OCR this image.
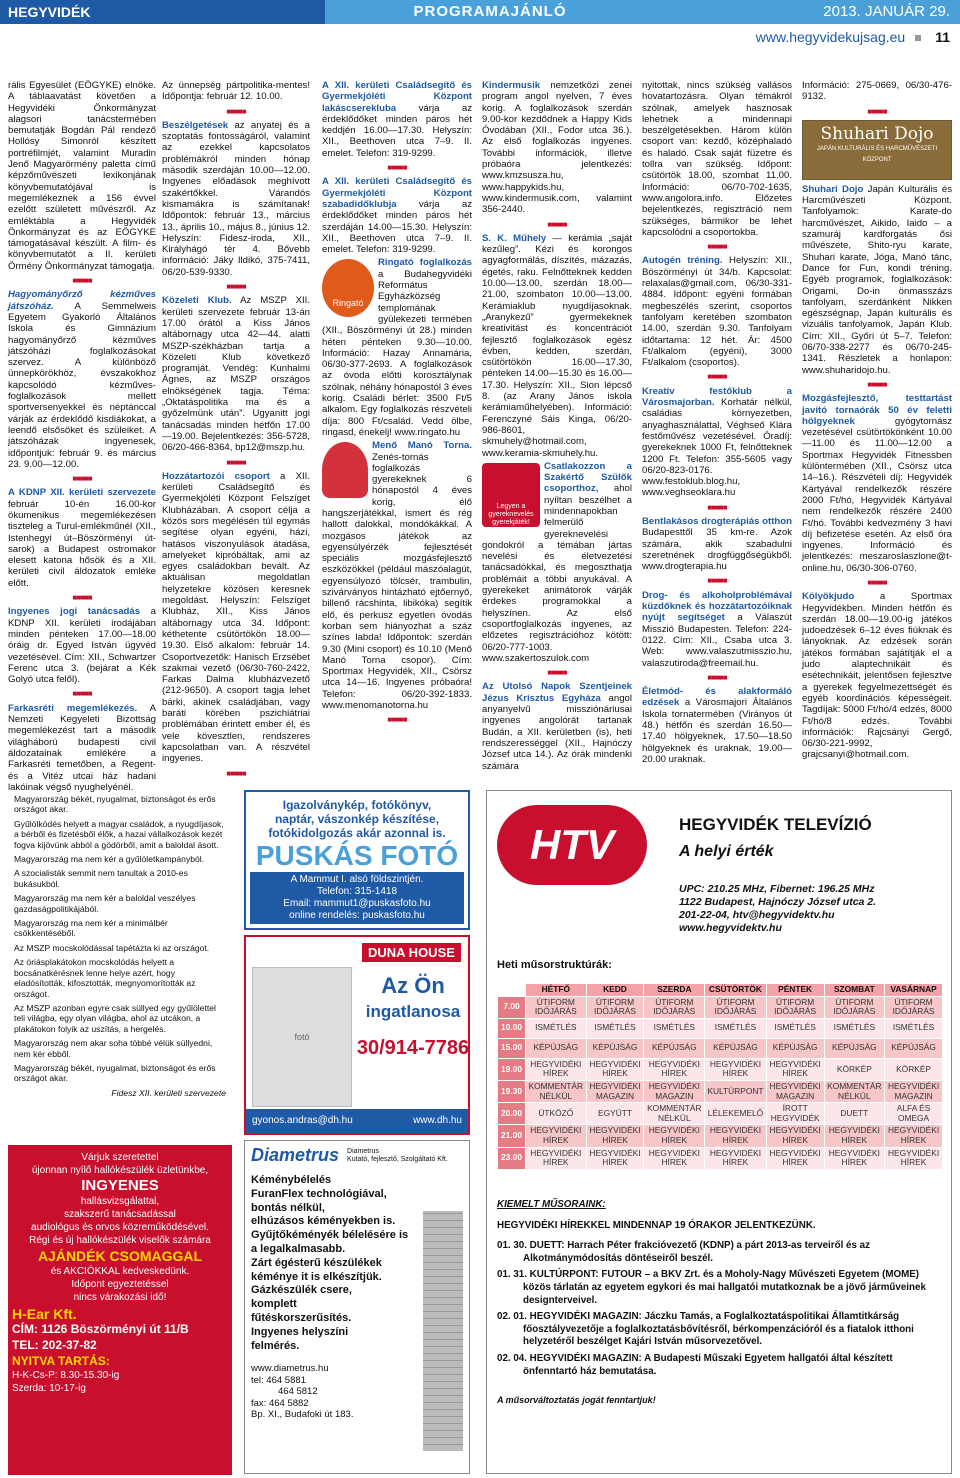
HEGYVIDÉK	PROGRAMAJÁNLÓ	2013. JANUÁR 29.
www.hegyvidekujsag.eu 11

rális Egyesület (EÖGYKE) elnöke. A táblaavatást követően a Hegyvidéki Önkormányzat alagsori tanácstermében bemutatják Bogdán Pál rendező Hollósy Simonról készített portréfilmjét, valamint Muradin Jenő Magyarörmény paletta című képzőművészeti lexikonjának könyvbemutatójával is megemlékeznek a 156 évvel ezelőtt született művészről. Az emléktábla a Hegyvidék Önkormányzat és az EÖGYKE támogatásával készült. A film- és könyvbemutatót a II. kerületi Örmény Önkormányzat támogatja.

■■■■■

Hagyományőrző kézműves játszóház. A Semmelweis Egyetem Gyakorló Általános Iskola és Gimnázium hagyományőrző kézműves játszóházi foglalkozásokat szervez. A különböző ünnepkörökhöz, évszakokhoz kapcsolódó kézműves-foglalkozások mellett sportversenyekkel és néptánccal várják az érdeklődő kisdiákokat, a leendő elsősöket és szüleiket. A játszóházak ingyenesek, időpontjuk: február 9. és március 23. 9.00—12.00.

■■■■■

A KDNP XII. kerületi szervezete február 10-én 16.00-kor ökumenikus megemlékezésen tiszteleg a Turul-emlékműnél (XII., Istenhegyi út–Böszörményi út-sarok) a Budapest ostromakor elesett katona hősök és a XII. kerületi civil áldozatok emléke előtt.

■■■■■

Ingyenes jogi tanácsadás a KDNP XII. kerületi irodájában minden pénteken 17.00—18.00 óráig dr. Egyed István ügyvéd vezetésével. Cím: XII., Schwartzer Ferenc utca 3. (bejárat a Kék Golyó utca felől).

■■■■■

Farkasréti megemlékezés. A Nemzeti Kegyeleti Bizottság megemlékezést tart a második világháború budapesti civil áldozatainak emlékére a Farkasréti temetőben, a Regent- és a Vitéz utcai ház hadani lakóinak végső nyughelyénél.

Az ünnepség pártpolitika-mentes! Időpontja: február 12. 10.00.

■■■■■

Beszélgetések az anyatej és a szoptatás fontosságáról, valamint az ezekkel kapcsolatos problémákról minden hónap második szerdáján 10.00—12.00. Ingyenes előadások meghívott szakértőkkel. Várandós kismamákra is számítanak! Időpontok: február 13., március 13., április 10., május 8., június 12. Helyszín: Fidesz-iroda, XII., Királyhágó tér 4. Bővebb információ: Jáky Ildikó, 375-7411, 06/20-539-9330.

■■■■■

Közeleti Klub. Az MSZP XII. kerületi szervezete február 13-án 17.00 órától a Kiss János altábornagy utca 42—44. alatti MSZP-székházban tartja a Közeleti Klub következő programját. Vendég: Kunhalmi Ágnes, az MSZP országos elnökségének tagja. Téma: „Oktatáspolitika ma és a győzelmünk után”. Ugyanitt jogi tanácsadás minden hétfőn 17.00—19.00. Bejelentkezés: 356-5728, 06/20-466-8364, bp12@mszp.hu.

■■■■■

Hozzátartozói csoport a XII. kerületi Családsegítő és Gyermekjóléti Központ Felszíget Klubházában. A csoport célja a közös sors megélésén túl egymás segítése olyan egyéni, házi, hatásos viszonyulások átadása, amelyeket kipróbáltak, ami az egyes családokban bevált. Az aktuálisan megoldatlan helyzetekre közösen keresnek megoldást. Helyszín: Felszíget Klubház, XII., Kiss János altábornagy utca 34. Időpont: kéthetente csütörtökön 18.00—19.30. Első alkalom: február 14. Csoportvezetők: Hanisch Erzsébet szakmai vezető (06/30-760-2422, Farkas Dalma klubházvezető (212-9650). A csoport tagja lehet bárki, akinek családjában, vagy baráti körében pszichiátriai problémában érintett ember él, és vele kövesztlen, rendszeres kapcsolatban van. A részvétel ingyenes.

■■■■■

A XII. kerületi Családsegítő és Gyermekjóléti Központ lakáscserekluba várja az érdeklődőket minden páros hét keddjén 16.00—17.30. Helyszín: XII., Beethoven utca 7–9. II. emelet. Telefon: 319-9299.

■■■■■

A XII. kerületi Családsegítő és Gyermekjóléti Központ szabadidőklubja várja az érdeklődőket minden páros hét szerdáján 14.00—15.30. Helyszín: XII., Beethoven utca 7–9. II. emelet. Telefon: 319-9299.

Ringató

Ringató foglalkozás a Budahegyvidéki Református Egyházközség templomának gyülekezeti termében (XII., Böszörményi út 28.) minden héten pénteken 9.30—10.00. Információ: Hazay Annamária, 06/30-377-2693. A foglalkozások az óvoda előtti korosztálynak szólnak, néhány hónapostól 3 éves korig. Családi bérlet: 3500 Ft/5 alkalom. Egy foglalkozás részvételi díja: 800 Ft/család. Vedd ölbe, ringasd, énekelj! www.ringato.hu

Menő Manó Torna. Zenés-tornás foglalkozás gyerekeknek 6 hónapostól 4 éves korig, élő hangszerjátékkal, ismert és rég hallott dalokkal, mondókákkal. A mozgásos játékok az egyensúlyérzék fejlesztését speciális mozgásfejlesztő eszközökkel (például mászóalagút, egyensúlyozó tölcsér, trambulin, szivárványos hintázható ejtőernyő, billenő rácshinta, libikóka) segítik elő, és perkusz egyetlen óvodás korban sem hiányozhat a száz színes labda! Időpontok: szerdán 9.30 (Mini csoport) és 10.10 (Menő Manó Torna csopor). Cím: Sportmax Hegyvidék, XII., Csörsz utca 14—16. Ingyenes próbaóra! Telefon: 06/20-392-1833. www.menomanotorna.hu

■■■■■

Kindermusik nemzetközi zenei program angol nyelven, 7 éves korig. A foglalkozások szerdán 9.00-kor kezdődnek a Happy Kids Óvodában (XII., Fodor utca 36.). Az első foglalkozás ingyenes. További információk, illetve próbaóra jelentkezés: www.kmzsusza.hu, www.happykids.hu, www.kindermusik.com, valamint 356-2440.

■■■■■

S. K. Műhely — kerámia „saját kezűleg”. Kézi és korongos agyagformálás, díszítés, mázazás, égetés, raku. Felnőtteknek kedden 10.00—13.00, szerdán 18.00—21.00, szombaton 10.00—13.00. Kerámiaklub nyugdíjasoknak. „Aranykezű” gyermekeknek kreativitást és koncentrációt fejlesztő foglalkozások egész évben, kedden, szerdán, csütörtökön 16.00—17.30, pénteken 14.00—15.30 és 16.00—17.30. Helyszín: XII., Sion lépcső 8. (az Arany János iskola kerámiaműhelyében). Információ: Ferenczyné Sáis Kinga, 06/20-986-8601, skmuhely@hotmail.com, www.keramia-skmuhely.hu.

Legyen a gyereknevelés gyerekjáték!

Csatlakozzon a Szakértő Szülők csoporthoz, ahol nyíltan beszélhet a mindennapokban felmerülő gyereknevelési gondokról a témában jártas nevelési és életvezetési tanácsadókkal, és megoszthatja problémáit a többi anyukával. A gyerekeket animátorok várják érdekes programokkal a helyszínen. Az első csoportfoglalkozás ingyenes, az előzetes regisztrációhoz kötött: 06/20-777-1003. www.szakertoszulok.com

■■■■■

Az Utolsó Napok Szentjeinek Jézus Krisztus Egyháza angol anyanyelvű missziónáriusai ingyenes angolórát tartanak Budán, a XII. kerületben (is), heti rendszerességgel (XII., Hajnóczy József utca 14.). Az órák mindenki számára

nyitottak, nincs szükség vallásos hovatartozásra. Olyan témákról szólnak, amelyek hasznosak lehetnek a mindennapi beszélgetésekben. Három külön csoport van: kezdő, középhaladó és haladó. Csak saját füzetre és tollra van szükség. Időpont: csütörtök 18.00, szombat 11.00. Információ: 06/70-702-1635, www.angolora.info. Előzetes bejelentkezés, regisztráció nem szükséges, bármikor be lehet kapcsolódni a csoportokba.

■■■■■

Autogén tréning. Helyszín: XII., Böszörményi út 34/b. Kapcsolat: relaxalas@gmail.com, 06/30-331-4884. Időpont: egyéni formában megbeszélés szerint, csoportos tanfolyam keretében szombaton 14.00, szerdán 9.30. Tanfolyam időtartama: 12 hét. Ár: 4500 Ft/alkalom (egyéni), 3000 Ft/alkalom (csoportos).

■■■■■

Kreatív festőklub a Városmajorban. Korhatár nélkül, családias környezetben, anyaghasználattal, Véghseő Klára festőművész vezetésével. Óradíj: gyerekeknek 1000 Ft, felnőtteknek 1200 Ft. Telefon: 355-5605 vagy 06/20-823-0176. www.festoklub.blog.hu, www.veghseoklara.hu

■■■■■

Bentlakásos drogterápiás otthon Budapesttől 35 km-re. Azok számára, akik szabadulni szeretnének drogfüggőségükből. www.drogterapia.hu

■■■■■

Drog- és alkoholproblémával küzdőknek és hozzátartozóiknak nyújt segítséget a Válaszút Misszió Budapesten. Telefon: 224-0122. Cím: XII., Csaba utca 3. Web: www.valaszutmisszio.hu, valaszutiroda@freemail.hu.

■■■■■

Életmód- és alakformáló edzések a Városmajori Általános Iskola tornatermében (Virányos út 48.) hétfőn és szerdán 16.50—17.40 hölgyeknek, 17.50—18.50 hölgyeknek és uraknak, 19.00—20.00 uraknak.

Információ: 275-0669, 06/30-476-9132.

■■■■■
Shuhari Dojo
JAPÁN KULTURÁLIS ÉS HARCMŰVÉSZETI KÖZPONT

Shuhari Dojo Japán Kulturális és Harcművészeti Központ. Tanfolyamok: Karate-do harcművészet, Aikido, Iaido – a szamuráj kardforgatás ősi művészete, Shito-ryu karate, Shuhari karate, Jóga, Manó tánc, Dance for Fun, kondi tréning. Egyéb programok, foglalkozások: Origami, Do-in önmasszázs tanfolyam, szerdánként Nikken egészségnap, Japán kulturális és vizuális tanfolyamok, Japán Klub. Cím: XII., Győri út 5–7. Telefon: 06/70-338-2277 és 06/70-245-1341. Részletek a honlapon: www.shuharidojo.hu.

■■■■■

Mozgásfejlesztő, testtartást javító tornaórák 50 év feletti hölgyeknek gyógytornász vezetésével csütörtökönként 10.00—11.00 és 11.00—12.00 a Sportmax Hegyvidék Fitnessben különtermében (XII., Csörsz utca 14–16.). Részvételi díj: Hegyvidék Kártyával rendelkezők részére 2000 Ft/hó, Hegyvidék Kártyával nem rendelkezők részére 2400 Ft/hó. További kedvezmény 3 havi díj befizetése esetén. Az első óra ingyenes. Információ és jelentkezés: meszaroslaszlone@t-online.hu, 06/30-306-0760.

■■■■■

Kölyökjudo a Sportmax Hegyvidékben. Minden hétfőn és szerdán 18.00—19.00-ig játékos judoedzések 6–12 éves fiúknak és lányoknak. Az edzések során játékos formában sajátítják el a judo alaptechnikáit és esétechnikáit, jelentősen fejlesztve a gyerekek fegyelmezettségét és egyéb koordinációs képességeit. Tagdíjak: 5000 Ft/hó/4 edzés, 8000 Ft/hó/8 edzés. További információk: Rajcsányi Gergő, 06/30-221-9992, grajcsanyi@hotmail.com.

Magyarország békét, nyugalmat, biztonságot és erős országot akar.
Gyűlölködés helyett a magyar családok, a nyugdíjasok, a bérből és fizetésből élők, a hazai vállalkozások kezét fogva kijövünk abból a gödörből, amit a baloldal ásott.
Magyarország ma nem kér a gyűlöletkampányból.
A szocialisták semmit nem tanultak a 2010-es bukásukból.
Magyarország ma nem kér a baloldal veszélyes gazdaságpolitikájából.
Magyarország ma nem kér a minimálbér csökkentéséből.
Az MSZP mocskolódással tapétázta ki az országot.
Az óriásplakátokon mocskolódás helyett a bocsánatkérésnek lenne helye azért, hogy eladósították, kifosztották, megnyomorították az országot.
Az MSZP azonban egyre csak süllyed egy gyűlölettel teli világba, egy olyan világba, ahol az utcákon, a plakátokon folyik az uszítás, a hergelés.
Magyarország nem akar soha többé vélük süllyedni, nem kér ebből.
Magyarország békét, nyugalmat, biztonságot és erős országot akar.
Fidesz XII. kerületi szervezete
Várjuk szeretettel
újonnan nyílő hallókészülék üzletünkbe,
INGYENES
hallásvizsgálattal,
szakszerű tanácsadással
audiológus és orvos közreműködésével.
Régi és új hallókészülék viselők számára
AJÁNDÉK CSOMAGGAL
és AKCIÓKKAL kedveskedünk.
Időpont egyeztetéssel
nincs várakozási idő!
H-Ear Kft.
CÍM: 1126 Böszörményi út 11/B
TEL: 202-37-82
NYITVA TARTÁS:
H-K-Cs-P: 8.30-15.30-ig
Szerda: 10-17-ig
Igazolványkép, fotókönyv,
naptár, vászonkép készítése,
fotókidolgozás akár azonnal is.
PUSKÁS FOTÓ
A Mammut I. alsó földszintjén.
Telefon: 315-1418
Email: mammut1@puskasfoto.hu
online rendelés: puskasfoto.hu
DUNA HOUSE
fotó
Az Ön
ingatlanosa
30/914-7786
gyonos.andras@dh.hu	www.dh.hu
Diametrus Diametrus
Kutató, fejlesztő, Szolgáltató Kft.
Kéménybélelés
FuranFlex technológiával,
bontás nélkül,
elhúzásos kéményekben is.
Gyűjtőkéményék bélelésére is
a legalkalmasabb.
Zárt égésterű készülékek
kéménye it is elkészítjük.
Gázkészülék csere,
komplett
fűtéskorszerűsítés.
Ingyenes helyszíni
felmérés.
www.diametrus.hu
tel: 464 5881
464 5812
fax: 464 5882
Bp. XI., Budafoki út 183.
HTV	HEGYVIDÉK TELEVÍZIÓ
A helyi érték
UPC: 210.25 MHz, Fibernet: 196.25 MHz
1122 Budapest, Hajnóczy József utca 2.
201-22-04, htv@hegyvidektv.hu
www.hegyvidektv.hu
Heti műsorstruktúrák:
	HÉTFŐ	KEDD	SZERDA	CSÜTÖRTÖK	PÉNTEK	SZOMBAT	VASÁRNAP
7.00	ÚTIFORM IDŐJÁRÁS	ÚTIFORM IDŐJÁRÁS	ÚTIFORM IDŐJÁRÁS	ÚTIFORM IDŐJÁRÁS	ÚTIFORM IDŐJÁRÁS	ÚTIFORM IDŐJÁRÁS	ÚTIFORM IDŐJÁRÁS
10.00	ISMÉTLÉS	ISMÉTLÉS	ISMÉTLÉS	ISMÉTLÉS	ISMÉTLÉS	ISMÉTLÉS	ISMÉTLÉS
15.00	KÉPÚJSÁG	KÉPÚJSÁG	KÉPÚJSÁG	KÉPÚJSÁG	KÉPÚJSÁG	KÉPÚJSÁG	KÉPÚJSÁG
19.00	HEGYVIDÉKI HÍREK	HEGYVIDÉKI HÍREK	HEGYVIDÉKI HÍREK	HEGYVIDÉKI HÍREK	HEGYVIDÉKI HÍREK	KÖRKÉP	KÖRKÉP
19.30	KOMMENTÁR NÉLKÜL	HEGYVIDÉKI MAGAZIN	HEGYVIDÉKI MAGAZIN	KULTÚRPONT	HEGYVIDÉKI MAGAZIN	KOMMENTÁR NÉLKÜL	HEGYVIDÉKI MAGAZIN
20.00	ÜTKÖZŐ	EGYÜTT	KOMMENTÁR NÉLKÜL	LÉLEKEMELŐ	ÍROTT HEGYVIDÉK	DUETT	ALFA ÉS OMEGA
21.00	HEGYVIDÉKI HÍREK	HEGYVIDÉKI HÍREK	HEGYVIDÉKI HÍREK	HEGYVIDÉKI HÍREK	HEGYVIDÉKI HÍREK	HEGYVIDÉKI HÍREK	HEGYVIDÉKI HÍREK
23.00	HEGYVIDÉKI HÍREK	HEGYVIDÉKI HÍREK	HEGYVIDÉKI HÍREK	HEGYVIDÉKI HÍREK	HEGYVIDÉKI HÍREK	HEGYVIDÉKI HÍREK	HEGYVIDÉKI HÍREK
KIEMELT MŰSORAINK:
HEGYVIDÉKI HÍREKKEL MINDENNAP 19 ÓRAKOR JELENTKEZÜNK.
01. 30. DUETT: Harrach Péter frakcióvezető (KDNP) a párt 2013-as terveiről és az Alkotmánymódosítás döntéseiről beszél.
01. 31. KULTÚRPONT: FUTOUR – a BKV Zrt. és a Moholy-Nagy Művészeti Egyetem (MOME) közös tárlatán az egyetem egykori és mai hallgatói mutatkoznak be a jövő járműveinek designterveivel.
02. 01. HEGYVIDÉKI MAGAZIN: Jáczku Tamás, a Foglalkoztatáspolitikai Államtitkárság főosztályvezetője a foglalkoztatásbővítésről, bérkompenzációról és a fiatalok itthoni helyzetéről beszélget Kajári István műsorvezetővel.
02. 04. HEGYVIDÉKI MAGAZIN: A Budapesti Műszaki Egyetem hallgatói által készített önfenntartó ház bemutatása.
A műsorváltoztatás jogát fenntartjuk!
